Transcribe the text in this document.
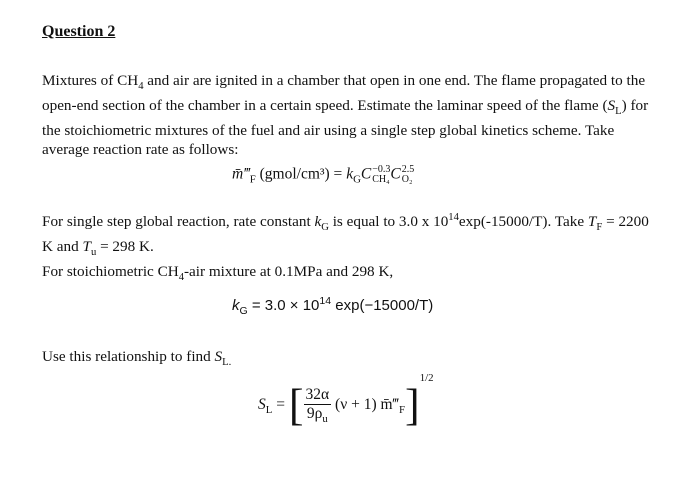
Question 2

Mixtures of $CH_4$ and air are ignited in a chamber that open in one end. The flame propagated to the open-end section of the chamber in a certain speed. Estimate the laminar speed of the flame $(S_L)$ for the stoichiometric mixtures of the fuel and air using a single step global kinetics scheme. Take average reaction rate as follows:

$m̄‴_F$ (gmol/cm³) = $k_GC -0.3$
CH₄ C 2.5
O₂

For single step global reaction, rate constant $k_G$ is equal to 3.0 x $10^{14}\exp(-15000/T)$. Take $T_F = 2200$ K and $T_u = 298$ K.

For stoichiometric $CH_4$-air mixture at 0.1MPa and 298 K,

$k_G = 3.0 \times 10^{14}$ exp(−15000/T)

Use this relationship to find $S_{L.}$

$S_L$ = [ $\frac{32\alpha}{9\rho_u} (\nu + 1)$ $m̄‴_F]^{1/2}$
